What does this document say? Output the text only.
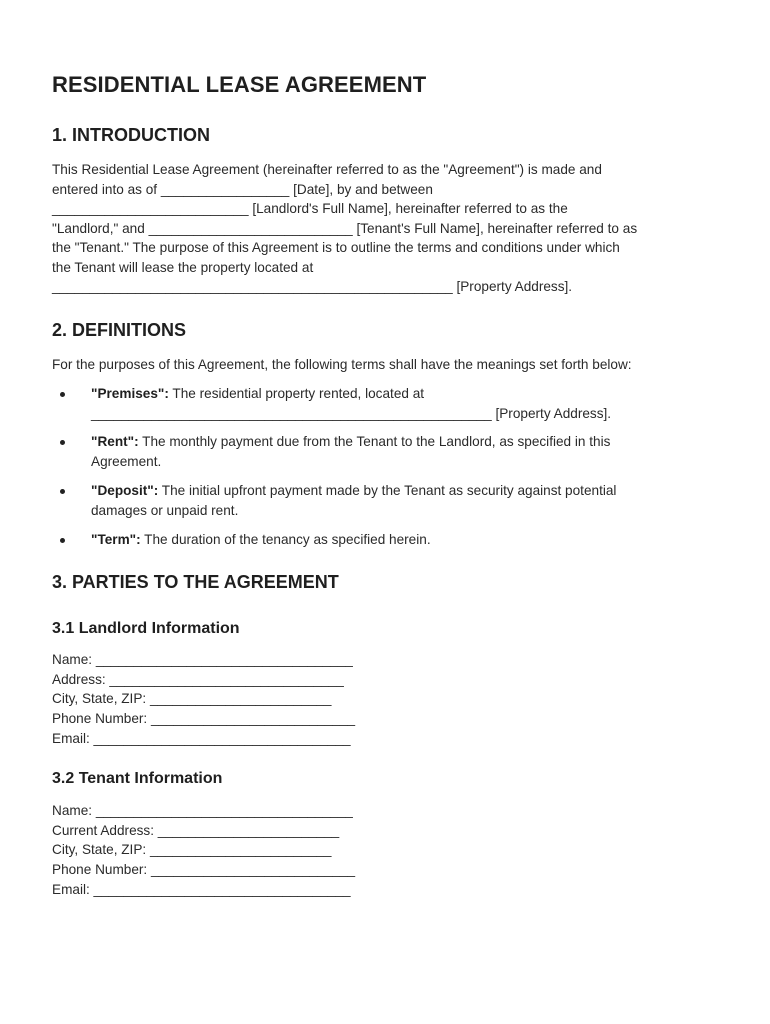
RESIDENTIAL LEASE AGREEMENT
1. INTRODUCTION

This Residential Lease Agreement (hereinafter referred to as the "Agreement") is made and

entered into as of _________________ [Date], by and between

__________________________ [Landlord's Full Name], hereinafter referred to as the

"Landlord," and ___________________________ [Tenant's Full Name], hereinafter referred to as

the "Tenant." The purpose of this Agreement is to outline the terms and conditions under which

the Tenant will lease the property located at

_____________________________________________________ [Property Address].

2. DEFINITIONS

For the purposes of this Agreement, the following terms shall have the meanings set forth below:

"Premises": The residential property rented, located at

_____________________________________________________ [Property Address].

"Rent": The monthly payment due from the Tenant to the Landlord, as specified in this

Agreement.

"Deposit": The initial upfront payment made by the Tenant as security against potential

damages or unpaid rent.

"Term": The duration of the tenancy as specified herein.

3. PARTIES TO THE AGREEMENT
3.1 Landlord Information
Name: __________________________________
Address: _______________________________
City, State, ZIP: ________________________
Phone Number: ___________________________
Email: __________________________________
3.2 Tenant Information
Name: __________________________________
Current Address: ________________________
City, State, ZIP: ________________________
Phone Number: ___________________________
Email: __________________________________
